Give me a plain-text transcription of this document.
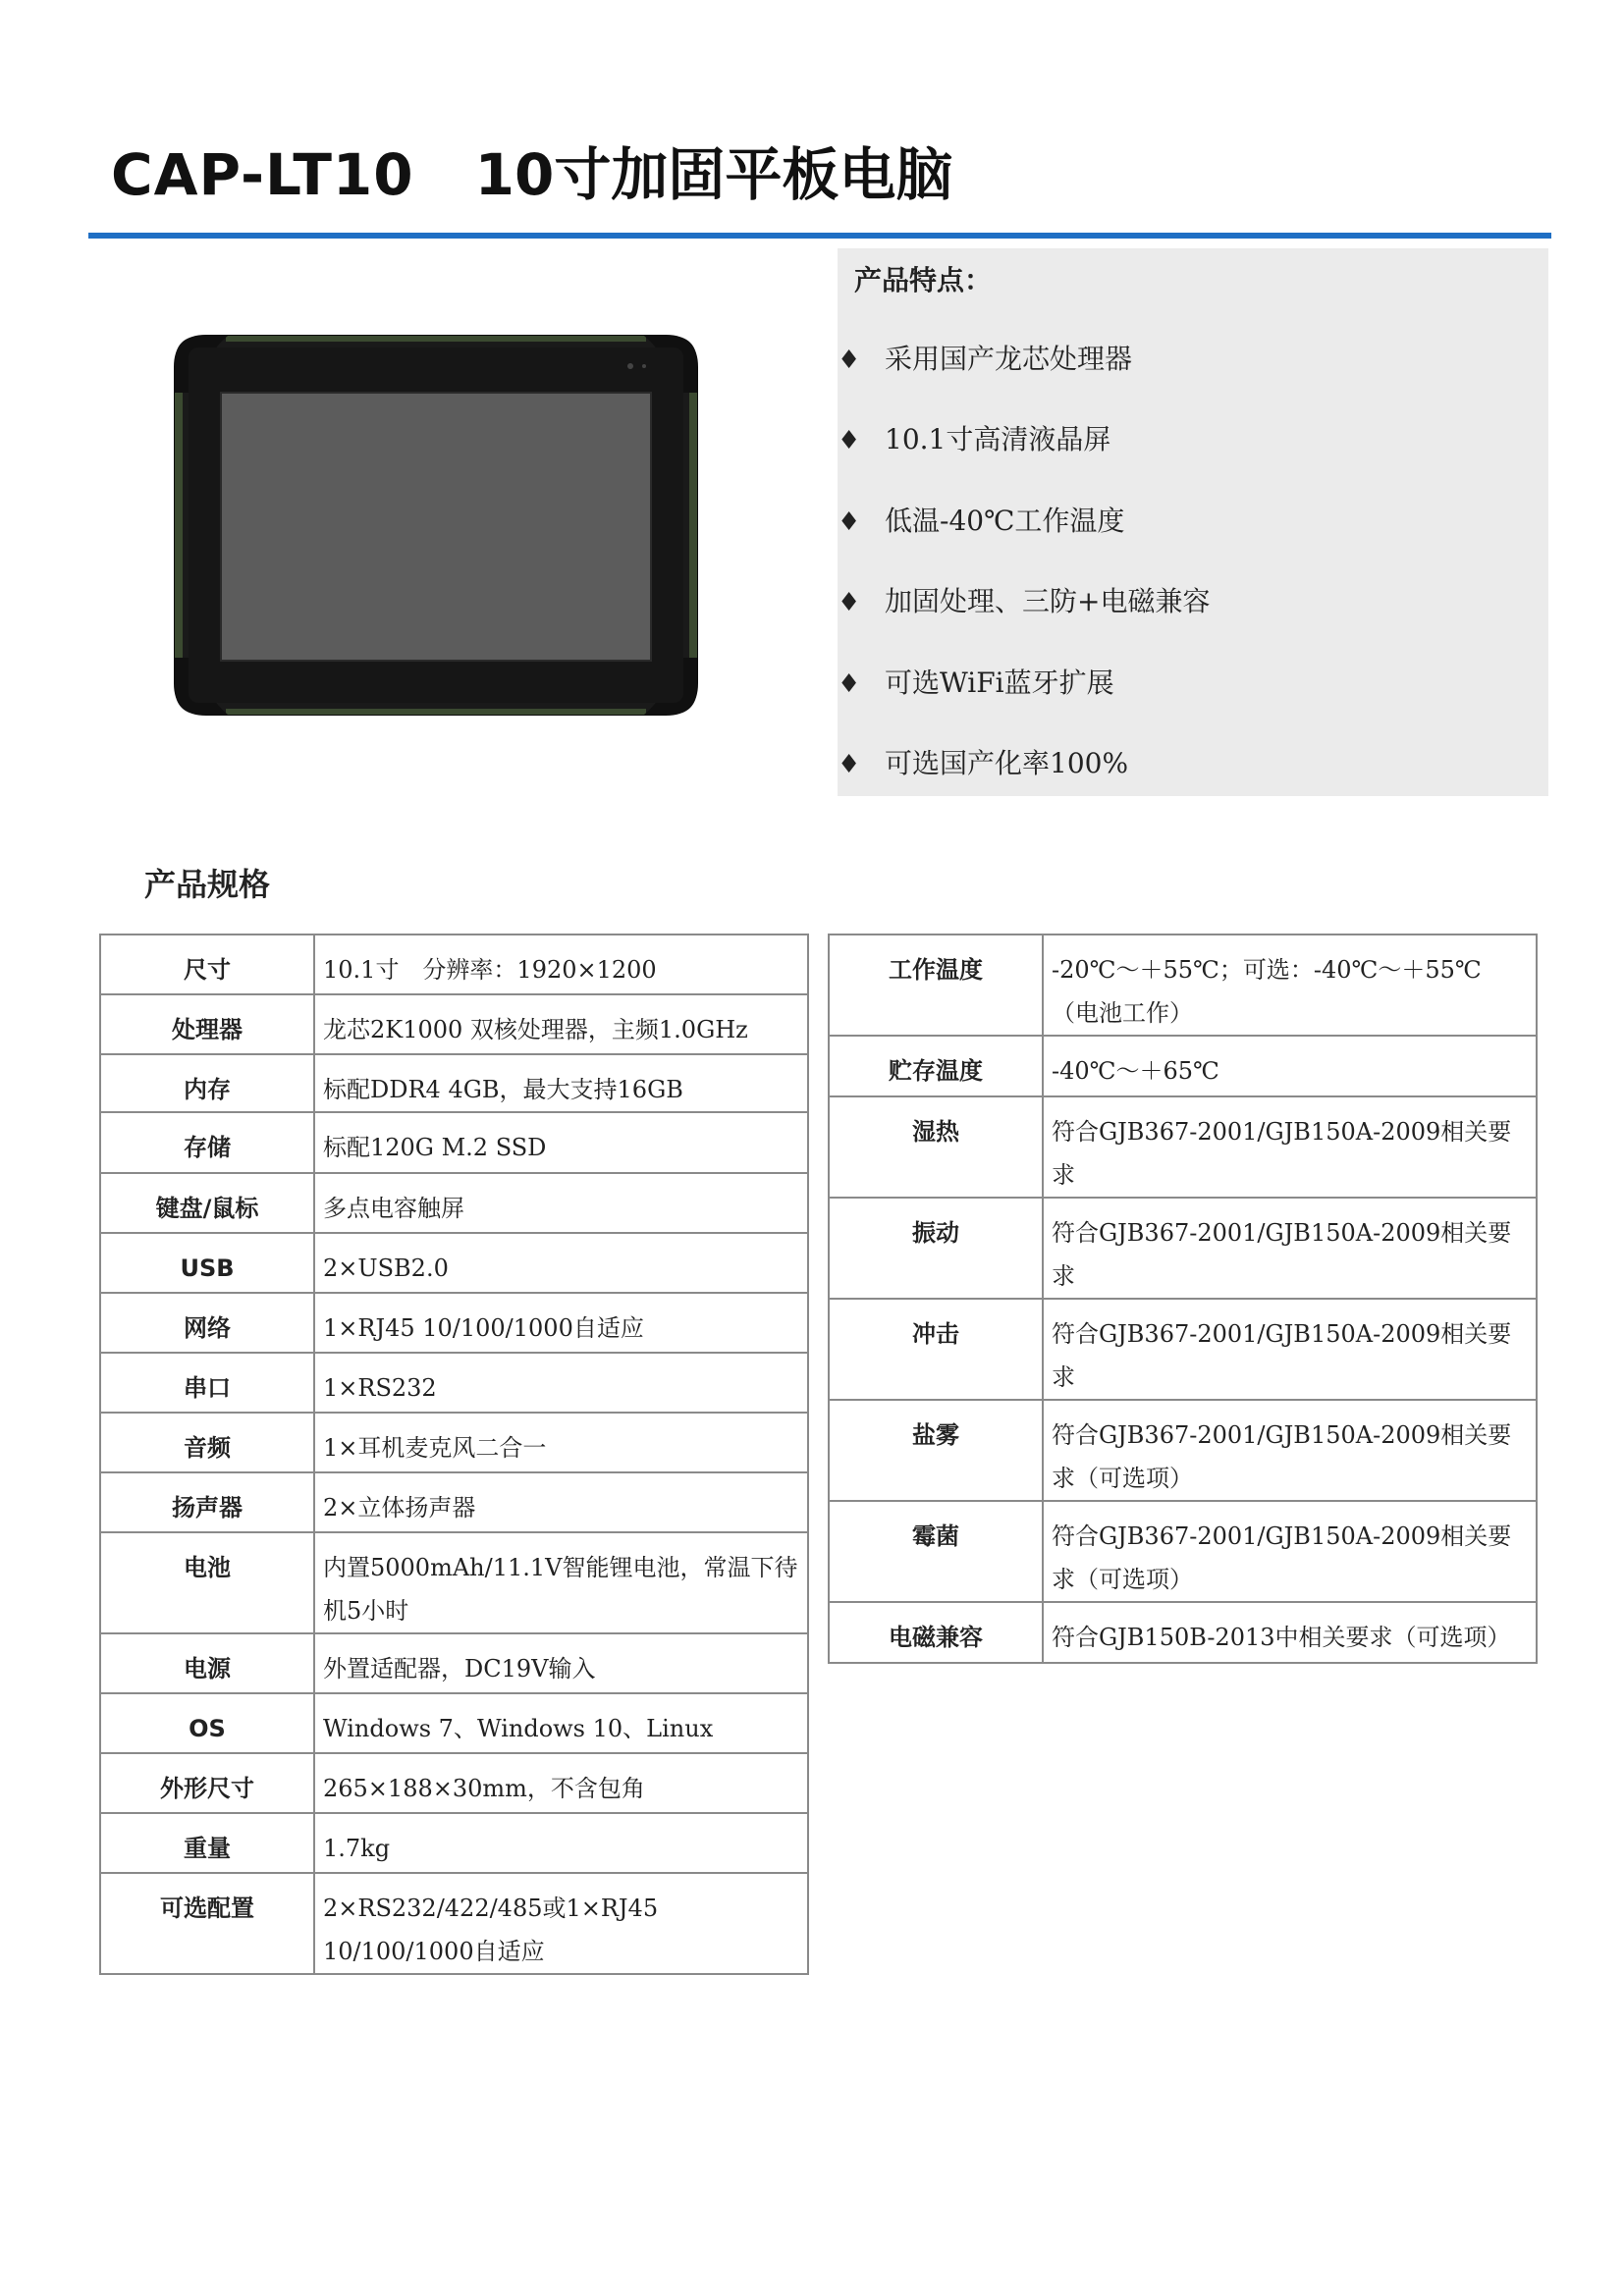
CAP-LT10 10寸加固平板电脑
产品特点：
♦ 采用国产龙芯处理器
♦ 10.1寸高清液晶屏
♦ 低温-40℃工作温度
♦ 加固处理、三防+电磁兼容
♦ 可选WiFi蓝牙扩展
♦ 可选国产化率100%
产品规格
尺寸	10.1寸　分辨率：1920×1200
处理器	龙芯2K1000 双核处理器，主频1.0GHz
内存	标配DDR4 4GB，最大支持16GB
存储	标配120G M.2 SSD
键盘/鼠标	多点电容触屏
USB	2×USB2.0
网络	1×RJ45 10/100/1000自适应
串口	1×RS232
音频	1×耳机麦克风二合一
扬声器	2×立体扬声器
电池	内置5000mAh/11.1V智能锂电池，常温下待机5小时
电源	外置适配器，DC19V输入
OS	Windows 7、Windows 10、Linux
外形尺寸	265×188×30mm，不含包角
重量	1.7kg
可选配置	2×RS232/422/485或1×RJ45 10/100/1000自适应
工作温度	-20℃～＋55℃；可选：-40℃～＋55℃（电池工作）
贮存温度	-40℃～＋65℃
湿热	符合GJB367-2001/GJB150A-2009相关要求
振动	符合GJB367-2001/GJB150A-2009相关要求
冲击	符合GJB367-2001/GJB150A-2009相关要求
盐雾	符合GJB367-2001/GJB150A-2009相关要求（可选项）
霉菌	符合GJB367-2001/GJB150A-2009相关要求（可选项）
电磁兼容	符合GJB150B-2013中相关要求（可选项）
